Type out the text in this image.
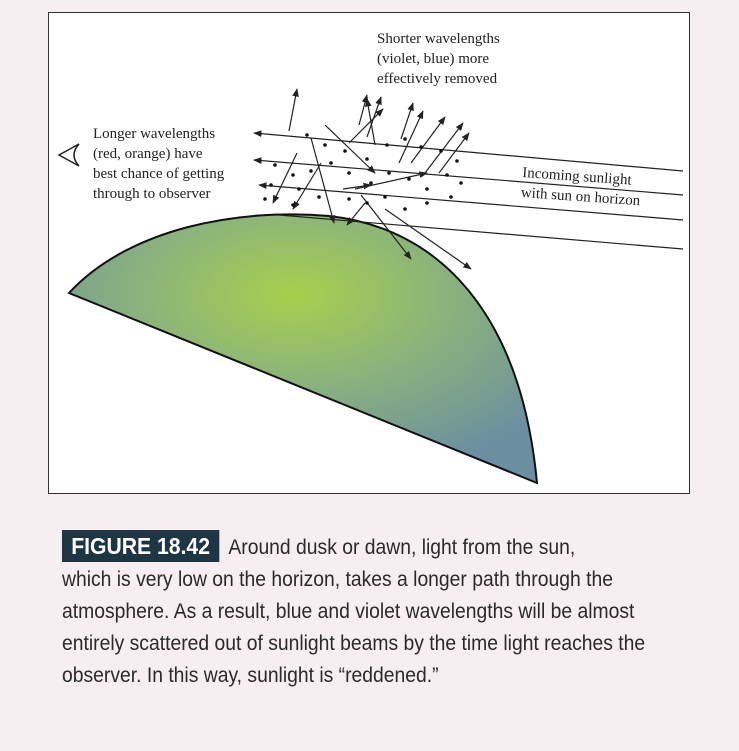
Shorter wavelengths
(violet, blue) more
effectively removed
Longer wavelengths
(red, orange) have
best chance of getting
through to observer
Incoming sunlight
with sun on horizon
FIGURE 18.42 Around dusk or dawn, light from the sun,
which is very low on the horizon, takes a longer path through the
atmosphere. As a result, blue and violet wavelengths will be almost
entirely scattered out of sunlight beams by the time light reaches the
observer. In this way, sunlight is “reddened.”
